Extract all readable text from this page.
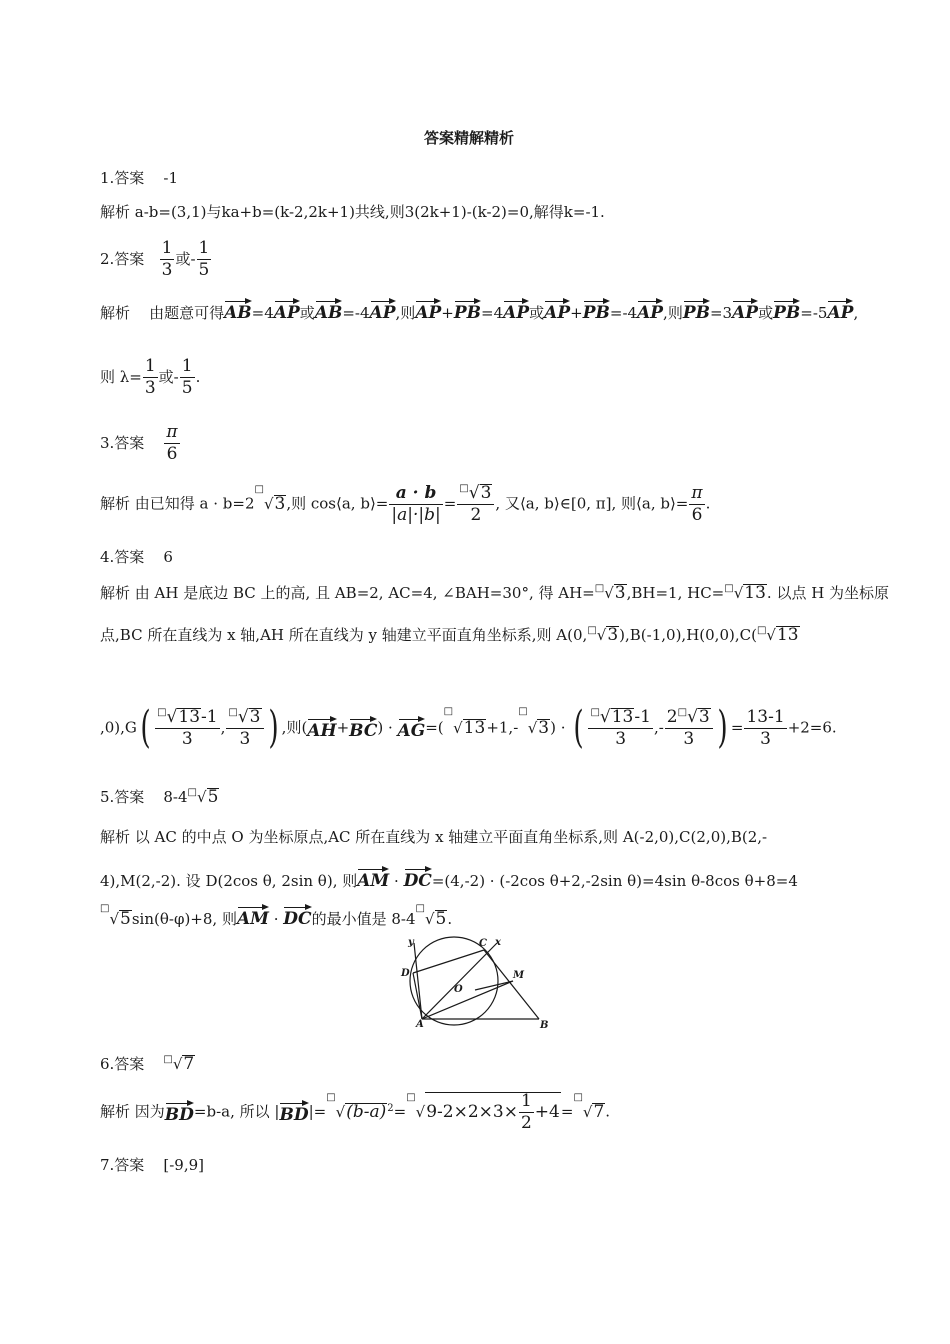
答案精解精析
1.答案 -1
解析 a-b=(3,1)与ka+b=(k-2,2k+1)共线,则3(2k+1)-(k-2)=0,解得k=-1.
2.答案 $\frac{1}{3}$ 或- $\frac{1}{5}$
解析 由题意可得AB=4AP或AB=-4AP,则AP+PB=4AP或AP+PB=-4AP,则PB=3AP或PB=-5AP,
则 $\lambda= \frac{1}{3}$ 或- $\frac{1}{5}$ .
3.答案 $\frac{\pi}{6}$
解析 由已知得 a · b=2□√3,则 cos⟨a, b⟩= $\frac{a \cdot b}{|a|\cdot|b|} = \frac{^□√3}{2}$ , 又⟨a, b⟩∈[0, π], 则⟨a, b⟩= $\frac{\pi}{6}$ .
4.答案 6
解析 由 AH 是底边 BC 上的高, 且 AB=2, AC=4, ∠BAH=30°, 得 AH=□√3,BH=1, HC=□√13. 以点 H 为坐标原
点,BC 所在直线为 x 轴,AH 所在直线为 y 轴建立平面直角坐标系,则 A(0,□√3),B(-1,0),H(0,0),C(□√13
$,0),G( \frac{^□√13-1}{3}$ , $\frac{^□√3}{3}$ ) ,则(AH+BC) · AG=(□√13+1,-□√3) · ( $\frac{^□√13-1}{3}$ ,- $\frac{2^□√3}{3}$ ) = $\frac{13-1}{3} +2=6$.
5.答案 8-4□√5
解析 以 AC 的中点 O 为坐标原点,AC 所在直线为 x 轴建立平面直角坐标系,则 A(-2,0),C(2,0),B(2,-
4),M(2,-2). 设 D(2cos θ, 2sin θ), 则AM · DC=(4,-2) · (-2cos θ+2,-2sin θ)=4sin θ-8cos θ+8=4
□√5sin(θ-φ)+8, 则AM · DC的最小值是 8-4□√5.
y	C x
D	M
O
A	B
6.答案 □√7
解析 因为BD=b-a, 所以 $|BD|=^□√(b-a)^2=^□√9-2\times 2\times 3\times \frac{1}{2} +4=^□√7$.
7.答案 [-9,9]
